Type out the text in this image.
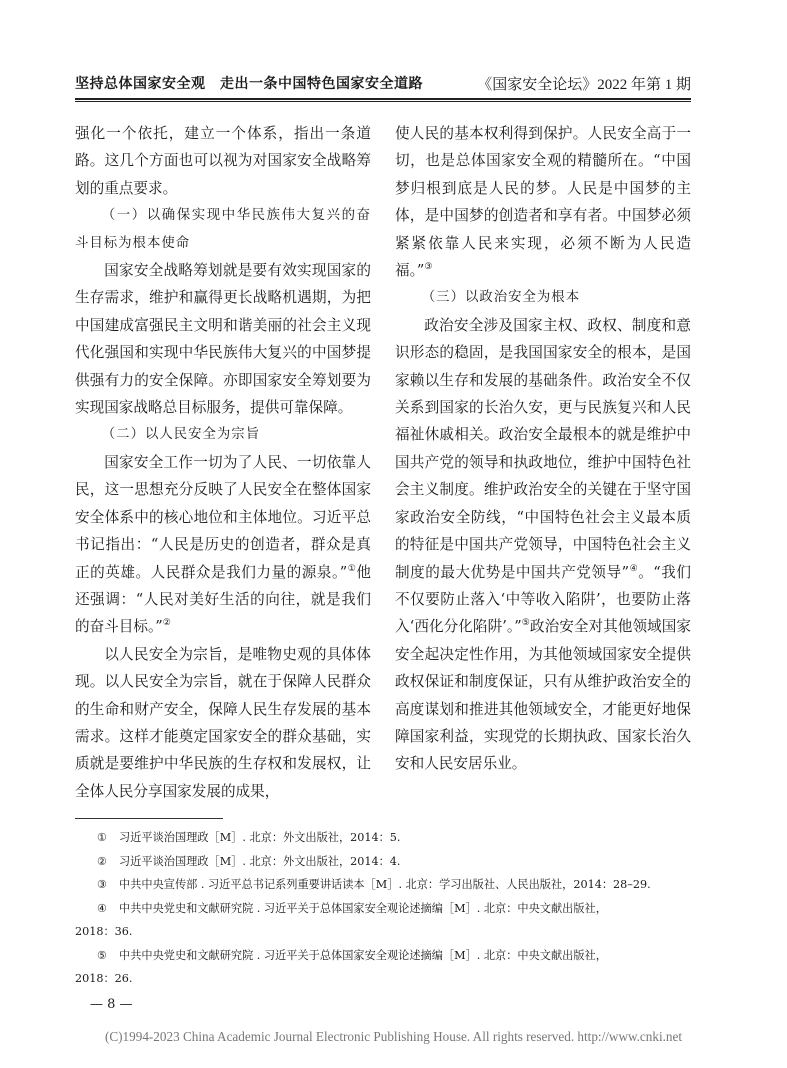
坚持总体国家安全观　走出一条中国特色国家安全道路	《国家安全论坛》2022 年第 1 期

强化一个依托，建立一个体系，指出一条道路。这几个方面也可以视为对国家安全战略筹划的重点要求。

（一）以确保实现中华民族伟大复兴的奋斗目标为根本使命

国家安全战略筹划就是要有效实现国家的生存需求，维护和赢得更长战略机遇期，为把中国建成富强民主文明和谐美丽的社会主义现代化强国和实现中华民族伟大复兴的中国梦提供强有力的安全保障。亦即国家安全筹划要为实现国家战略总目标服务，提供可靠保障。

（二）以人民安全为宗旨

国家安全工作一切为了人民、一切依靠人民，这一思想充分反映了人民安全在整体国家安全体系中的核心地位和主体地位。习近平总书记指出：“人民是历史的创造者，群众是真正的英雄。人民群众是我们力量的源泉。”①他还强调：“人民对美好生活的向往，就是我们的奋斗目标。”②

以人民安全为宗旨，是唯物史观的具体体现。以人民安全为宗旨，就在于保障人民群众的生命和财产安全，保障人民生存发展的基本需求。这样才能奠定国家安全的群众基础，实质就是要维护中华民族的生存权和发展权，让全体人民分享国家发展的成果，

使人民的基本权利得到保护。人民安全高于一切，也是总体国家安全观的精髓所在。“中国梦归根到底是人民的梦。人民是中国梦的主体，是中国梦的创造者和享有者。中国梦必须紧紧依靠人民来实现，必须不断为人民造福。”③

（三）以政治安全为根本

政治安全涉及国家主权、政权、制度和意识形态的稳固，是我国国家安全的根本，是国家赖以生存和发展的基础条件。政治安全不仅关系到国家的长治久安，更与民族复兴和人民福祉休戚相关。政治安全最根本的就是维护中国共产党的领导和执政地位，维护中国特色社会主义制度。维护政治安全的关键在于坚守国家政治安全防线，“中国特色社会主义最本质的特征是中国共产党领导，中国特色社会主义制度的最大优势是中国共产党领导”④。“我们不仅要防止落入‘中等收入陷阱’，也要防止落入‘西化分化陷阱’。”⑤政治安全对其他领域国家安全起决定性作用，为其他领域国家安全提供政权保证和制度保证，只有从维护政治安全的高度谋划和推进其他领域安全，才能更好地保障国家利益，实现党的长期执政、国家长治久安和人民安居乐业。

① 习近平谈治国理政［M］. 北京：外文出版社，2014：5.

② 习近平谈治国理政［M］. 北京：外文出版社，2014：4.

③ 中共中央宣传部 . 习近平总书记系列重要讲话读本［M］. 北京：学习出版社、人民出版社，2014：28–29.

④ 中共中央党史和文献研究院 . 习近平关于总体国家安全观论述摘编［M］. 北京：中央文献出版社，

2018：36.

⑤ 中共中央党史和文献研究院 . 习近平关于总体国家安全观论述摘编［M］. 北京：中央文献出版社，

2018：26.

— 8 —
(C)1994-2023 China Academic Journal Electronic Publishing House. All rights reserved. http://www.cnki.net
